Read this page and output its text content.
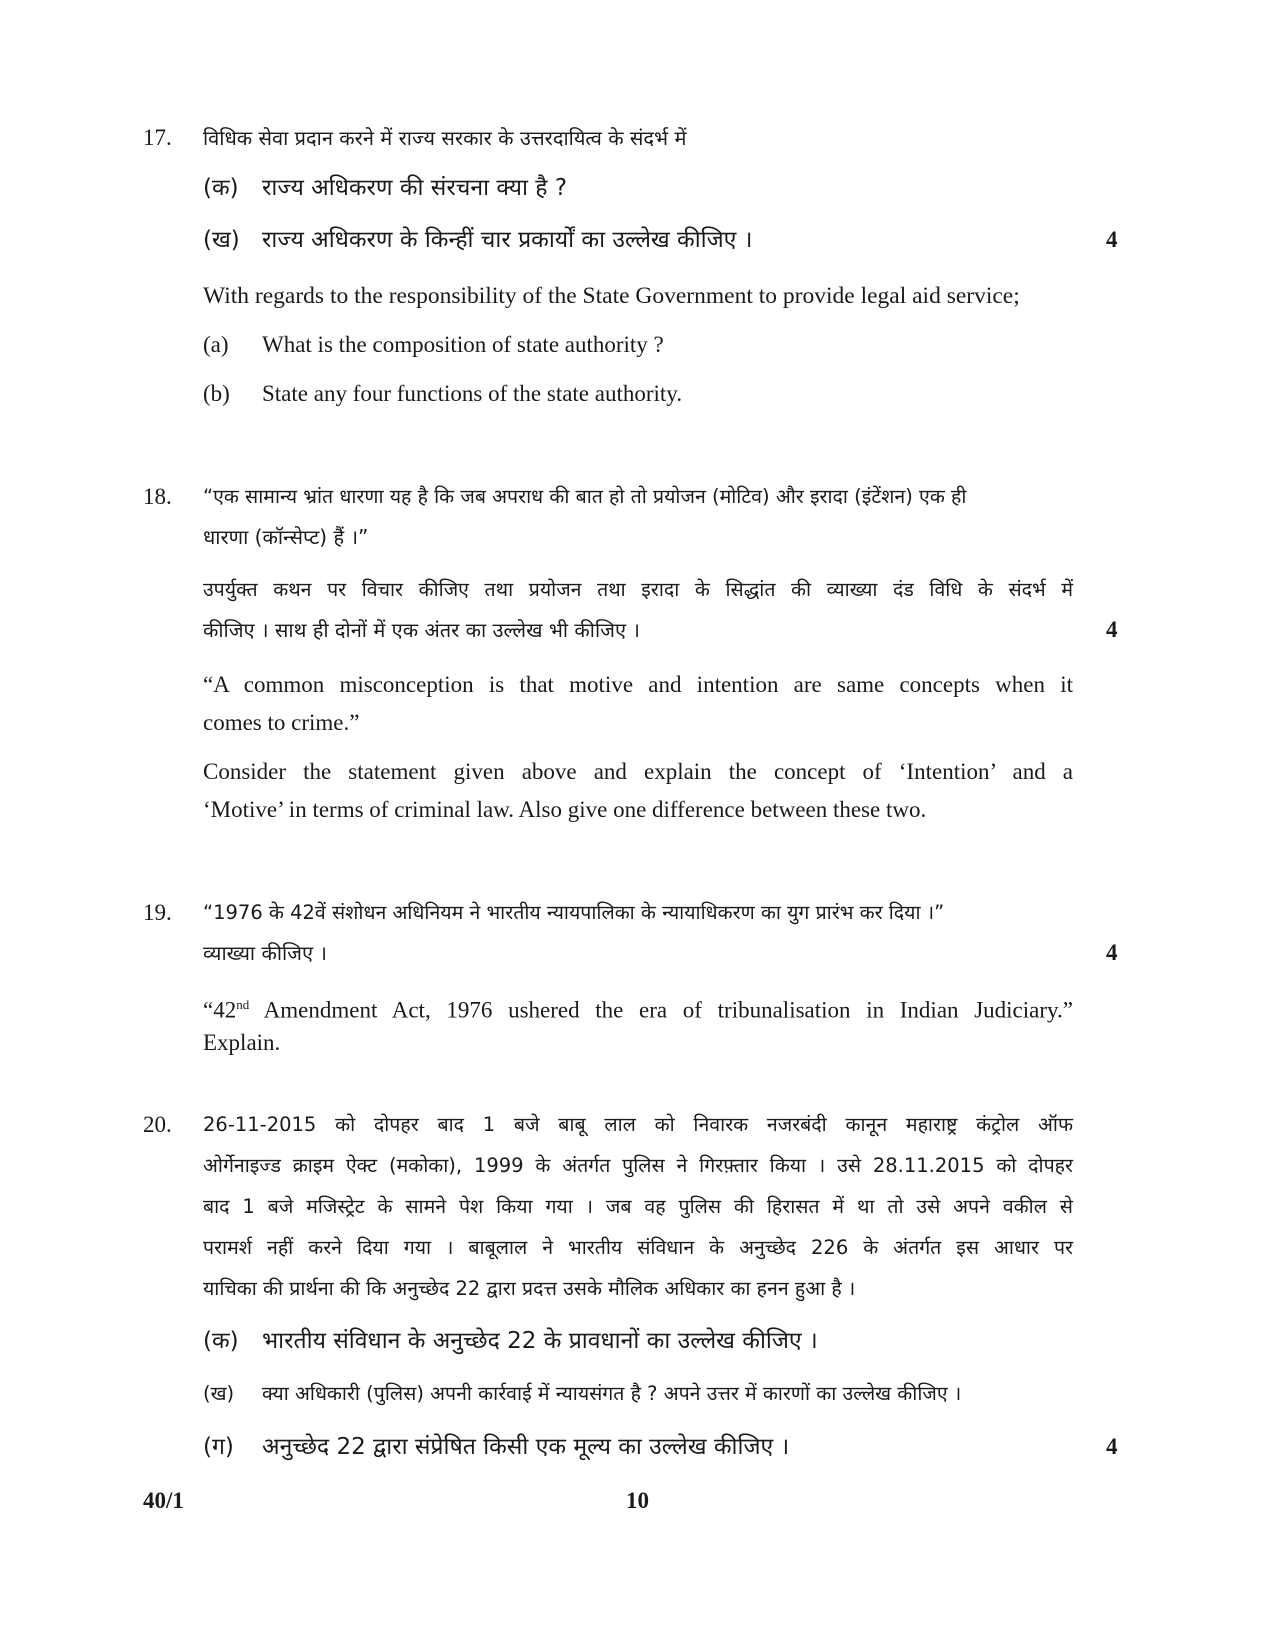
17. विधिक सेवा प्रदान करने में राज्य सरकार के उत्तरदायित्व के संदर्भ में
(क)	राज्य अधिकरण की संरचना क्या है ?
(ख) राज्य अधिकरण के किन्हीं चार प्रकार्यों का उल्लेख कीजिए ।	4
With regards to the responsibility of the State Government to provide legal aid service;
(a)	What is the composition of state authority ?
(b)	State any four functions of the state authority.
18. “एक सामान्य भ्रांत धारणा यह है कि जब अपराध की बात हो तो प्रयोजन (मोटिव) और इरादा (इंटेंशन) एक ही
धारणा (कॉन्सेप्ट) हैं ।”
उपर्युक्त कथन पर विचार कीजिए तथा प्रयोजन तथा इरादा के सिद्धांत की व्याख्या दंड विधि के संदर्भ में
कीजिए । साथ ही दोनों में एक अंतर का उल्लेख भी कीजिए ।	4
“A common misconception is that motive and intention are same concepts when it
comes to crime.”
Consider the statement given above and explain the concept of ‘Intention’ and a
‘Motive’ in terms of criminal law. Also give one difference between these two.
19. “1976 के 42वें संशोधन अधिनियम ने भारतीय न्यायपालिका के न्यायाधिकरण का युग प्रारंभ कर दिया ।”
व्याख्या कीजिए ।	4
“42nd Amendment Act, 1976 ushered the era of tribunalisation in Indian Judiciary.”
Explain.
20. 26-11-2015 को दोपहर बाद 1 बजे बाबू लाल को निवारक नजरबंदी कानून महाराष्ट्र कंट्रोल ऑफ
ओर्गेनाइज्ड क्राइम ऐक्ट (मकोका), 1999 के अंतर्गत पुलिस ने गिरफ़्तार किया । उसे 28.11.2015 को दोपहर
बाद 1 बजे मजिस्ट्रेट के सामने पेश किया गया । जब वह पुलिस की हिरासत में था तो उसे अपने वकील से
परामर्श नहीं करने दिया गया । बाबूलाल ने भारतीय संविधान के अनुच्छेद 226 के अंतर्गत इस आधार पर
याचिका की प्रार्थना की कि अनुच्छेद 22 द्वारा प्रदत्त उसके मौलिक अधिकार का हनन हुआ है ।
(क)	भारतीय संविधान के अनुच्छेद 22 के प्रावधानों का उल्लेख कीजिए ।
(ख)	क्या अधिकारी (पुलिस) अपनी कार्रवाई में न्यायसंगत है ? अपने उत्तर में कारणों का उल्लेख कीजिए ।
(ग)	अनुच्छेद 22 द्वारा संप्रेषित किसी एक मूल्य का उल्लेख कीजिए ।	4
40/1	10
